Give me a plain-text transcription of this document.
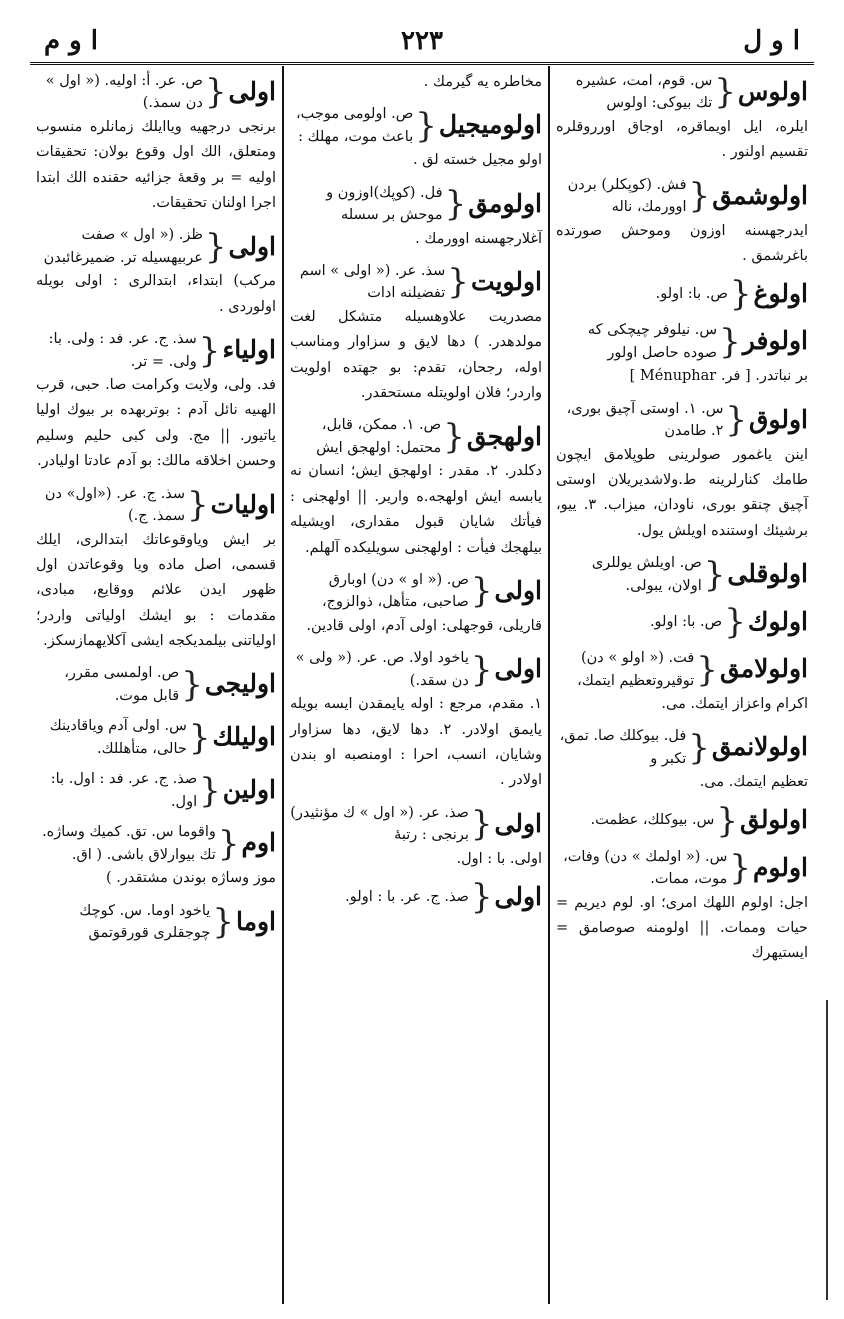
ا و ل
۲۲۳
ا و م
اولوس
{
س. قوم، امت، عشيره تك بيوكى: اولوس
ايلره، ايل اويماقره، اوجاق اورروقلره تقسيم اولنور .
اولوشمق
{
فش. (كوپكلر) بردن اوورمك، ناله
ايدرجهسنه اوزون وموحش صورتده باغرشمق .
اولوغ
{
ص. با: اولو.
اولوفر
{
س. نيلوفر چيچكى كه صوده حاصل اولور
بر نباتدر. [ فر. Ménuphar ]
اولوق
{
س. ١. اوستى آچيق بورى، ٢. طامدن
اينن ياغمور صولرينى طوپلامق ايچون طامك كنارلرينه ط.ولاشديريلان اوستى آچيق چنقو بورى، ناودان، ميزاب. ٣. ييو، برشيئك اوستنده اويلش يول.
اولوقلى
{
ص. اويلش يوللرى اولان، يبولى.
اولوك
{
ص. با: اولو.
اولولامق
{
فت. (« اولو » دن) توقيروتعظيم ايتمك،
اكرام واعزاز ايتمك. مى.
اولولانمق
{
فل. بيوكلك صا. تمق، تكبر و
تعظيم ايتمك. مى.
اولولق
{
س. بيوكلك، عظمت.
اولوم
{
س. (« اولمك » دن) وفات، موت، ممات.
اجل: اولوم اللهك امرى؛ او. لوم ديريم = حيات وممات. || اولومنه صوصامق = ايستيهرك
مخاطره يه گيرمك .
اولوميجيل
{
ص. اولومى موجب، باعث موت، مهلك :
اولو مجيل خسته لق .
اولومق
{
فل. (كوپك)اوزون و موحش بر سسله
آغلارجهسنه اوورمك .
اولويت
{
سذ. عر. (« اولى » اسم تفضيلنه ادات
مصدريت علاوهسيله متشكل لغت مولدهدر. ) دها لايق و سزاوار ومناسب اوله، رجحان، تقدم: بو جهتده اولويت واردر؛ فلان اولويتله مستحقدر.
اولهجق
{
ص. ١. ممكن، قابل، محتمل: اولهجق ايش
دكلدر. ٢. مقدر : اولهجق ايش؛ انسان نه يابسه ايش اولهجه.ه وارير. || اولهجنى : فيأتك شايان قبول مقدارى، اويشيله بيلهجك فيأت : اولهجنى سويليكده آلهلم.
اولى
{
ص. (« او » دن) اوبارق صاحبى، متأهل، ذوالزوج،
قاريلى، قوجهلى: اولى آدم، اولى قادين.
اولى
{
ياخود اولا. ص. عر. (« ولى » دن سقد.)
١. مقدم، مرجع : اوله يايمقدن ايسه بويله يايمق اولادر. ٢. دها لايق، دها سزاوار وشايان، انسب، احرا : اومنصبه او بندن اولادر .
اولى
{
صذ. عر. (« اول » ك مؤنثيدر) برنجى : رتبهٔ
اولى. با : اول.
اولى
{
صذ. ج. عر. با : اولو.
اولى
{
ص. عر. أ: اوليه. (« اول » دن سمذ.)
برنجى درجهيه وياايلك زمانلره منسوب ومتعلق، الك اول وقوع بولان: تحقيقات اوليه = بر وقعهٔ جزائيه حقنده الك ابتدا اجرا اولنان تحقيقات.
اولى
{
ظز. (« اول » صفت عربيهسيله تر. ضميرغائبدن
مركب) ابتداء، ابتدالرى : اولى بويله اولوردى .
اولياء
{
سذ. ج. عر. فد : ولى. با: ولى. = تر.
فد. ولى، ولايت وكرامت صا. حبى، قرب الهىيه نائل آدم : بوتربهده بر بيوك اوليا ياتيور. || مج. ولى كبى حليم وسليم وحسن اخلاقه مالك: بو آدم عادتا اوليادر.
اوليات
{
سذ. ج. عر. («اول» دن سمذ. ج.)
بر ايش وياوقوعاتك ابتدالرى، ايلك قسمى، اصل ماده ويا وقوعاتدن اول ظهور ايدن علائم ووقايع، مبادى، مقدمات : بو ايشك اولياتى واردر؛ اولياتنى بيلمديكجه ايشى آكلايهمازسكز.
اوليجى
{
ص. اولمسى مقرر، قابل موت.
اوليلك
{
س. اولى آدم وياقادينك حالى، متأهللك.
اولين
{
صذ. ج. عر. فد : اول. با: اول.
اوم
{
واقوما س. تق. كميك وساژه. تك بيوارلاق باشى. ( اق.
موز وساژه بوندن مشتقدر. )
اوما
{
ياخود اوما. س. كوچك چوجقلرى قورقوتمق
